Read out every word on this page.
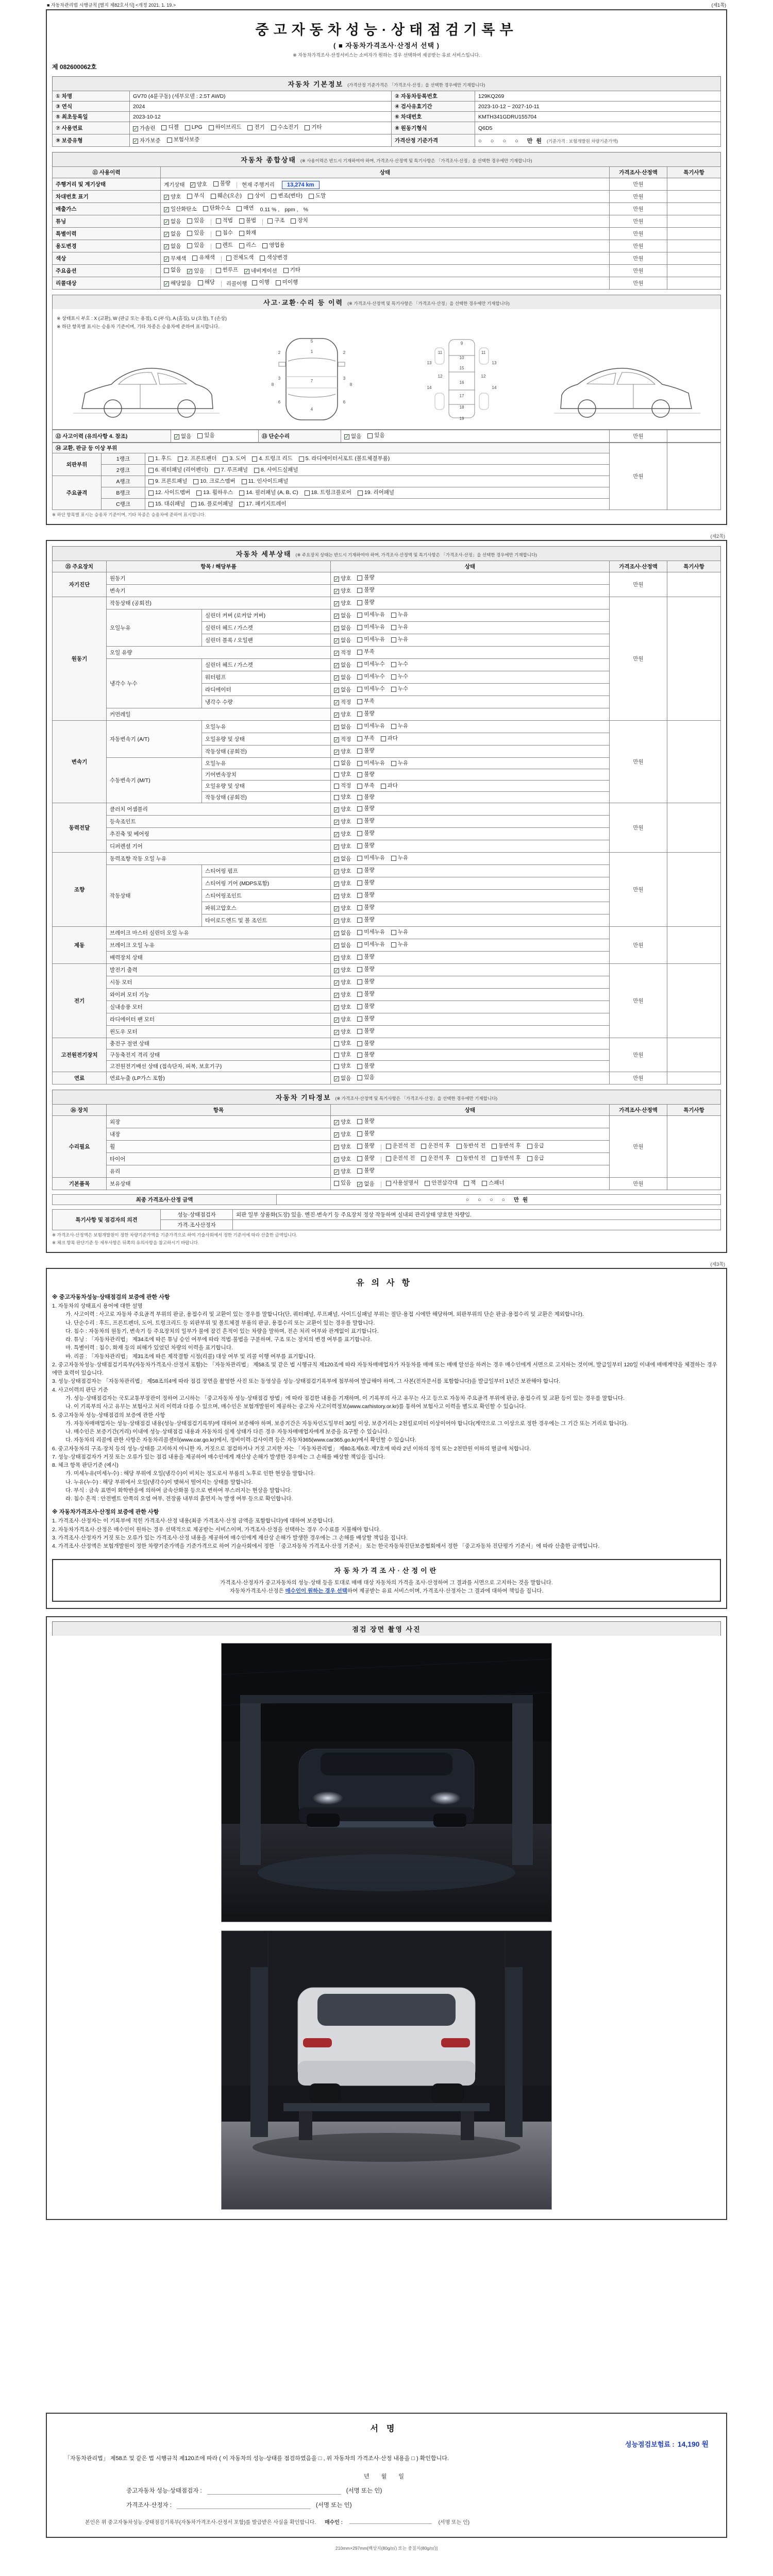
■ 자동차관리법 시행규칙 [별지 제82호서식] <개정 2021. 1. 19.>	(제1쪽)
중고자동차성능·상태점검기록부
( ■ 자동차가격조사·산정서 선택 )
※ 자동차가격조사·산정서비스는 소비자가 원하는 경우 선택하여 제공받는 유료 서비스입니다.
제 082600062호
자동차 기본정보 (가격산정 기준가격은 「가격조사·산정」을 선택한 경우에만 기재합니다)
① 차명	GV70 (4륜구동) (세부모델 : 2.5T AWD)	② 자동차등록번호	129KQ269
③ 연식	2024	④ 검사유효기간	2023-10-12 ~ 2027-10-11
⑤ 최초등록일	2023-10-12	⑥ 차대번호	KMTH341GDRU155704
⑦ 사용연료	✓ 가솔린 디젤 LPG 하이브리드 전기 수소전기 기타	⑧ 원동기형식	Q6D5
⑨ 보증유형	✓ 자가보증 보험사보증	가격산정 기준가격	○ ○ ○ ○ 만원 (기준가격 : 보험개발원 차량기준가액)
자동차 종합상태 (※ 사용이력은 반드시 기재하여야 하며, 가격조사·산정액 및 특기사항은 「가격조사·산정」을 선택한 경우에만 기재합니다)
⑪ 사용이력	상태	가격조사·산정액	특기사항
주행거리 및 계기상태	계기상태 ✓ 양호 불량 현재 주행거리 13,274 km	만원	
차대번호 표기	✓ 양호 부식 훼손(오손) 상이 변조(변타) 도말	만원	
배출가스	✓ 일산화탄소 탄화수소 매연 0.11 % , ppm , %	만원	
튜닝	✓ 없음 있음	적법 불법	구조 장치	만원	
특별이력	✓ 없음 있음 침수 화재	만원	
용도변경	✓ 없음 있음	렌트 리스 영업용	만원	
색상	✓ 무채색 유채색 전체도색 색상변경	만원	
주요옵션	없음 ✓ 있음	썬루프 ✓ 네비게이션 기타	만원	
리콜대상	✓ 해당없음 해당 리콜이행 이행 미이행	만원	
사고·교환·수리 등 이력 (※ 가격조사·산정액 및 특기사항은 「가격조사·산정」을 선택한 경우에만 기재합니다)
※ 상태표시 부호 : X (교환), W (판금 또는 용접), C (부식), A (흠집), U (요철), T (손상)
※ 하단 항목별 표시는 승용차 기준이며, 기타 차종은 승용차에 준하여 표시합니다.
1
2	2
3	3
4
5
6	6
7
8	8
9
10
11	11
12	12
13	13
14	14
15
16
17
18
19
⑫ 사고이력 (유의사항 4. 참조)	✓ 없음 있음	⑬ 단순수리	✓ 없음 있음	만원	
⑭ 교환, 판금 등 이상 부위			만원	
외판부위	1랭크	1. 후드 2. 프론트펜더 3. 도어 4. 트렁크 리드 5. 라디에이터서포트 (볼트체결부품)		

	2랭크	6. 쿼터패널 (리어펜더) 7. 루프패널 8. 사이드실패널		

주요골격	A랭크	9. 프론트패널 10. 크로스멤버 11. 인사이드패널		

	B랭크	12. 사이드멤버 13. 휠하우스 14. 필러패널 (A, B, C) 18. 트렁크플로어 19. 리어패널		

	C랭크	15. 대쉬패널 16. 플로어패널 17. 패키지트레이		
※ 하단 항목별 표시는 승용차 기준이며, 기타 차종은 승용차에 준하여 표시합니다.
(제2쪽)
자동차 세부상태 (※ 주요장치 상태는 반드시 기재하여야 하며, 가격조사·산정액 및 특기사항은 「가격조사·산정」을 선택한 경우에만 기재합니다)
⑮ 주요장치	항목 / 해당부품		상태	가격조사·산정액	특기사항
자기진단	원동기		✓ 양호 불량	만원	
	변속기		✓ 양호 불량		

원동기	작동상태 (공회전)		✓ 양호 불량	만원	
	오일누유	실린더 커버 (로커암 커버)	✓ 없음 미세누유 누유		

		실린더 헤드 / 가스켓	✓ 없음 미세누유 누유		

		실린더 블록 / 오일팬	✓ 없음 미세누유 누유		

	오일 유량		✓ 적정 부족		

	냉각수 누수	실린더 헤드 / 가스켓	✓ 없음 미세누수 누수		

		워터펌프	✓ 없음 미세누수 누수		

		라디에이터	✓ 없음 미세누수 누수		

		냉각수 수량	✓ 적정 부족		

	커먼레일		✓ 양호 불량		

변속기	자동변속기 (A/T)	오일누유	✓ 없음 미세누유 누유	만원	
		오일유량 및 상태	✓ 적정 부족 과다		

		작동상태 (공회전)	✓ 양호 불량		

	수동변속기 (M/T)	오일누유	없음 미세누유 누유		

		기어변속장치	양호 불량		

		오일유량 및 상태	적정 부족 과다		

		작동상태 (공회전)	양호 불량		

동력전달	클러치 어셈블리		✓ 양호 불량	만원	
	등속조인트		✓ 양호 불량		

	추진축 및 베어링		✓ 양호 불량		

	디퍼렌셜 기어		✓ 양호 불량		

조향	동력조향 작동 오일 누유		✓ 없음 미세누유 누유	만원	
	작동상태	스티어링 펌프	✓ 양호 불량		

		스티어링 기어 (MDPS포함)	✓ 양호 불량		

		스티어링조인트	✓ 양호 불량		

		파워고압호스	✓ 양호 불량		

		타이로드엔드 및 볼 조인트	✓ 양호 불량		

제동	브레이크 마스터 실린더 오일 누유		✓ 없음 미세누유 누유	만원	
	브레이크 오일 누유		✓ 없음 미세누유 누유		

	배력장치 상태		✓ 양호 불량		

전기	발전기 출력		✓ 양호 불량	만원	
	시동 모터		✓ 양호 불량		

	와이퍼 모터 기능		✓ 양호 불량		

	실내송풍 모터		✓ 양호 불량		

	라디에이터 팬 모터		✓ 양호 불량		

	윈도우 모터		✓ 양호 불량		

고전원전기장치	충전구 절연 상태		양호 불량	만원	
	구동축전지 격리 상태		양호 불량		

	고전원전기배선 상태 (접속단자, 피복, 보호기구)		양호 불량		

연료	연료누출 (LP가스 포함)		✓ 없음 있음	만원	
자동차 기타정보 (※ 가격조사·산정액 및 특기사항은 「가격조사·산정」을 선택한 경우에만 기재합니다)
⑯ 장치	항목	상태	가격조사·산정액	특기사항
수리필요	외장	✓ 양호 불량	만원	
	내장	✓ 양호 불량		

휠	✓ 양호 불량	운전석 전 운전석 후 동반석 전 동반석 후 응급

타이어	✓ 양호 불량	운전석 전 운전석 후 동반석 전 동반석 후 응급

	유리	✓ 양호 불량		

기본품목	보유상태	있음 ✓ 없음	사용설명서 안전삼각대 잭 스패너	만원	
최종 가격조사·산정 금액	○ ○ ○ ○ 만원
특기사항 및 점검자의 의견	성능·상태점검자	외판 일부 상품화(도장) 있음. 엔진·변속기 등 주요장치 정상 작동하며 실내외 관리상태 양호한 차량임.
	가격·조사산정자	
※ 가격조사·산정액은 보험개발원이 정한 차량기준가액을 기준가격으로 하여 기술사회에서 정한 기준서에 따라 산출한 금액입니다.
※ 체크 항목 판단기준 등 세부사항은 뒤쪽의 유의사항을 참고하시기 바랍니다.
(제3쪽)
유의사항
※ 중고자동차성능·상태점검의 보증에 관한 사항
1. 자동차의 상태표시 용어에 대한 설명
가. 사고이력 : 사고로 자동차 주요골격 부위의 판금, 용접수리 및 교환이 있는 경우를 말합니다(단, 쿼터패널, 루프패널, 사이드실패널 부위는 절단·용접 시에만 해당하며, 외판부위의 단순 판금·용접수리 및 교환은 제외합니다).
나. 단순수리 : 후드, 프론트펜더, 도어, 트렁크리드 등 외판부위 및 볼트체결 부품의 판금, 용접수리 또는 교환이 있는 경우를 말합니다.
다. 침수 : 자동차의 원동기, 변속기 등 주요장치의 일부가 물에 잠긴 흔적이 있는 차량을 말하며, 전손 처리 여부와 관계없이 표기합니다.
라. 튜닝 : 「자동차관리법」 제34조에 따른 튜닝 승인 여부에 따라 적법·불법을 구분하며, 구조 또는 장치의 변경 여부를 표기합니다.
마. 특별이력 : 침수, 화재 등의 피해가 있었던 차량의 이력을 표기합니다.
바. 리콜 : 「자동차관리법」 제31조에 따른 제작결함 시정(리콜) 대상 여부 및 리콜 이행 여부를 표기합니다.
2. 중고자동차성능·상태점검기록부(자동차가격조사·산정서 포함)는 「자동차관리법」 제58조 및 같은 법 시행규칙 제120조에 따라 자동차매매업자가 자동차를 매매 또는 매매 알선을 하려는 경우 매수인에게 서면으로 고지하는 것이며, 발급일부터 120일 이내에 매매계약을 체결하는 경우에만 효력이 있습니다.
3. 성능·상태점검자는 「자동차관리법」 제58조의4에 따라 점검 장면을 촬영한 사진 또는 동영상을 성능·상태점검기록부에 첨부하여 발급해야 하며, 그 사본(전자문서를 포함합니다)을 발급일부터 1년간 보관해야 합니다.
4. 사고이력의 판단 기준
가. 성능·상태점검자는 국토교통부장관이 정하여 고시하는 「중고자동차 성능·상태점검 방법」에 따라 점검한 내용을 기재하며, 이 기록부의 사고 유무는 사고 등으로 자동차 주요골격 부위에 판금, 용접수리 및 교환 등이 있는 경우를 말합니다.
나. 이 기록부의 사고 유무는 보험사고 처리 이력과 다를 수 있으며, 매수인은 보험개발원이 제공하는 중고차 사고이력정보(www.carhistory.or.kr)를 통하여 보험사고 이력을 별도로 확인할 수 있습니다.
5. 중고자동차 성능·상태점검의 보증에 관한 사항
가. 자동차매매업자는 성능·상태점검 내용(성능·상태점검기록부)에 대하여 보증해야 하며, 보증기간은 자동차인도일부터 30일 이상, 보증거리는 2천킬로미터 이상이어야 합니다(계약으로 그 이상으로 정한 경우에는 그 기간 또는 거리로 합니다).
나. 매수인은 보증기간(거리) 이내에 성능·상태점검 내용과 자동차의 실제 상태가 다른 경우 자동차매매업자에게 보증을 요구할 수 있습니다.
다. 자동차의 리콜에 관한 사항은 자동차리콜센터(www.car.go.kr)에서, 정비이력·검사이력 등은 자동차365(www.car365.go.kr)에서 확인할 수 있습니다.
6. 중고자동차의 구조·장치 등의 성능·상태를 고지하지 아니한 자, 거짓으로 점검하거나 거짓 고지한 자는 「자동차관리법」 제80조제6호·제7호에 따라 2년 이하의 징역 또는 2천만원 이하의 벌금에 처합니다.
7. 성능·상태점검자가 거짓 또는 오류가 있는 점검 내용을 제공하여 매수인에게 재산상 손해가 발생한 경우에는 그 손해를 배상할 책임을 집니다.
8. 체크 항목 판단기준 (예시)
가. 미세누유(미세누수) : 해당 부위에 오일(냉각수)이 비치는 정도로서 부품의 노후로 인한 현상을 말합니다.
나. 누유(누수) : 해당 부위에서 오일(냉각수)이 맺혀서 떨어지는 상태를 말합니다.
다. 부식 : 금속 표면이 화학반응에 의하여 금속산화물 등으로 변하여 부스러지는 현상을 말합니다.
라. 침수 흔적 : 안전벨트 안쪽의 오염 여부, 전장품 내부의 흙먼지·녹 발생 여부 등으로 확인합니다.
※ 자동차가격조사·산정의 보증에 관한 사항
1. 가격조사·산정자는 이 기록부에 적힌 가격조사·산정 내용(최종 가격조사·산정 금액을 포함합니다)에 대하여 보증합니다.
2. 자동차가격조사·산정은 매수인이 원하는 경우 선택적으로 제공받는 서비스이며, 가격조사·산정을 선택하는 경우 수수료를 지불해야 합니다.
3. 가격조사·산정자가 거짓 또는 오류가 있는 가격조사·산정 내용을 제공하여 매수인에게 재산상 손해가 발생한 경우에는 그 손해를 배상할 책임을 집니다.
4. 가격조사·산정액은 보험개발원이 정한 차량기준가액을 기준가격으로 하여 기술사회에서 정한 「중고자동차 가격조사·산정 기준서」 또는 한국자동차진단보증협회에서 정한 「중고자동차 진단평가 기준서」에 따라 산출한 금액입니다.
자동차가격조사·산정이란
가격조사·산정자가 중고자동차의 성능·상태 등을 토대로 매매 대상 자동차의 가격을 조사·산정하여 그 결과를 서면으로 고지하는 것을 말합니다.
자동차가격조사·산정은 매수인이 원하는 경우 선택하여 제공받는 유료 서비스이며, 가격조사·산정자는 그 결과에 대하여 책임을 집니다.
점검 장면 촬영 사진
서명
성능점검보험료 : 14,190 원
「자동차관리법」 제58조 및 같은 법 시행규칙 제120조에 따라 ( 이 자동차의 성능·상태를 점검하였음을 □ , 위 자동차의 가격조사·산정 내용을 □ ) 확인합니다.
년 월 일
중고자동차 성능·상태점검자 :	(서명 또는 인)
가격조사·산정자 :	(서명 또는 인)
본인은 위 중고자동차성능·상태점검기록부(자동차가격조사·산정서 포함)를 발급받은 사실을 확인합니다. 매수인 :	(서명 또는 인)
210mm×297mm[백상지(80g/㎡) 또는 중질지(80g/㎡)]
